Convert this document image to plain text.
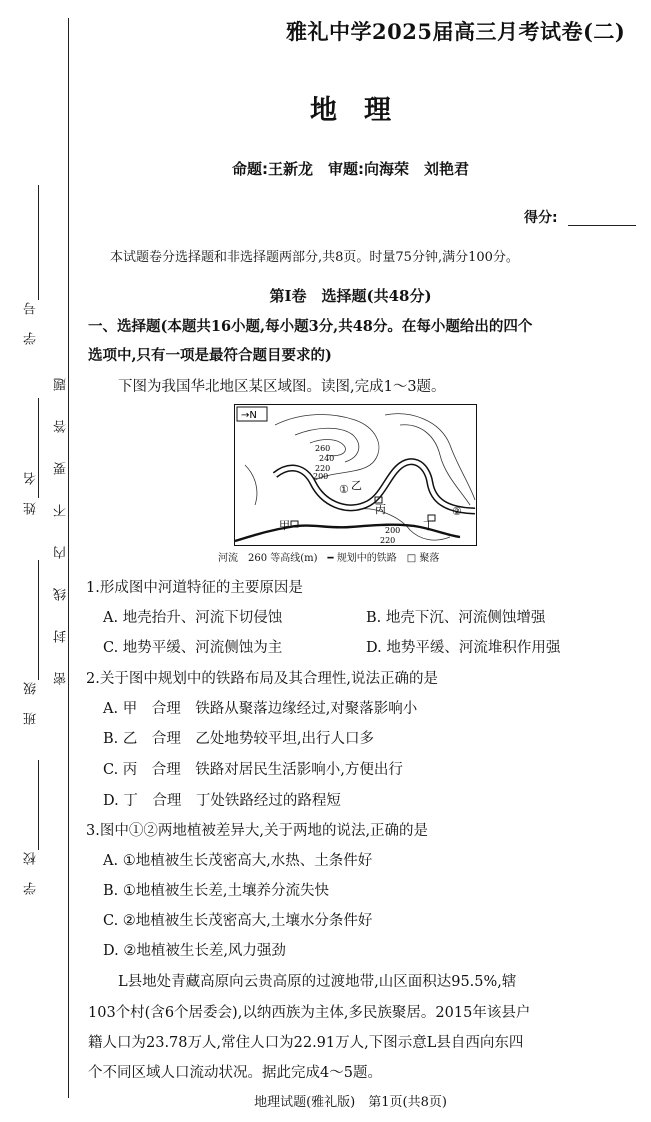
学　号
姓　名
班　级
学　校
密　封　线　内　不　要　答　题
雅礼中学2025届高三月考试卷(二)
地　理
命题:王新龙　审题:向海荣　刘艳君
得分:
本试题卷分选择题和非选择题两部分,共8页。时量75分钟,满分100分。
第Ⅰ卷　选择题(共48分)
一、选择题(本题共16小题,每小题3分,共48分。在每小题给出的四个
选项中,只有一项是最符合题目要求的)
下图为我国华北地区某区域图。读图,完成1～3题。
→N
260
240
220
200
200
220
甲
乙
丙
丁
①
②
河流　260 等高线(m)　━ 规划中的铁路　□ 聚落
1.形成图中河道特征的主要原因是
A. 地壳抬升、河流下切侵蚀	B. 地壳下沉、河流侧蚀增强
C. 地势平缓、河流侧蚀为主	D. 地势平缓、河流堆积作用强
2.关于图中规划中的铁路布局及其合理性,说法正确的是
A. 甲　合理　铁路从聚落边缘经过,对聚落影响小
B. 乙　合理　乙处地势较平坦,出行人口多
C. 丙　合理　铁路对居民生活影响小,方便出行
D. 丁　合理　丁处铁路经过的路程短
3.图中①②两地植被差异大,关于两地的说法,正确的是
A. ①地植被生长茂密高大,水热、土条件好
B. ①地植被生长差,土壤养分流失快
C. ②地植被生长茂密高大,土壤水分条件好
D. ②地植被生长差,风力强劲
L县地处青藏高原向云贵高原的过渡地带,山区面积达95.5%,辖
103个村(含6个居委会),以纳西族为主体,多民族聚居。2015年该县户
籍人口为23.78万人,常住人口为22.91万人,下图示意L县自西向东四
个不同区域人口流动状况。据此完成4～5题。
地理试题(雅礼版)　第1页(共8页)
